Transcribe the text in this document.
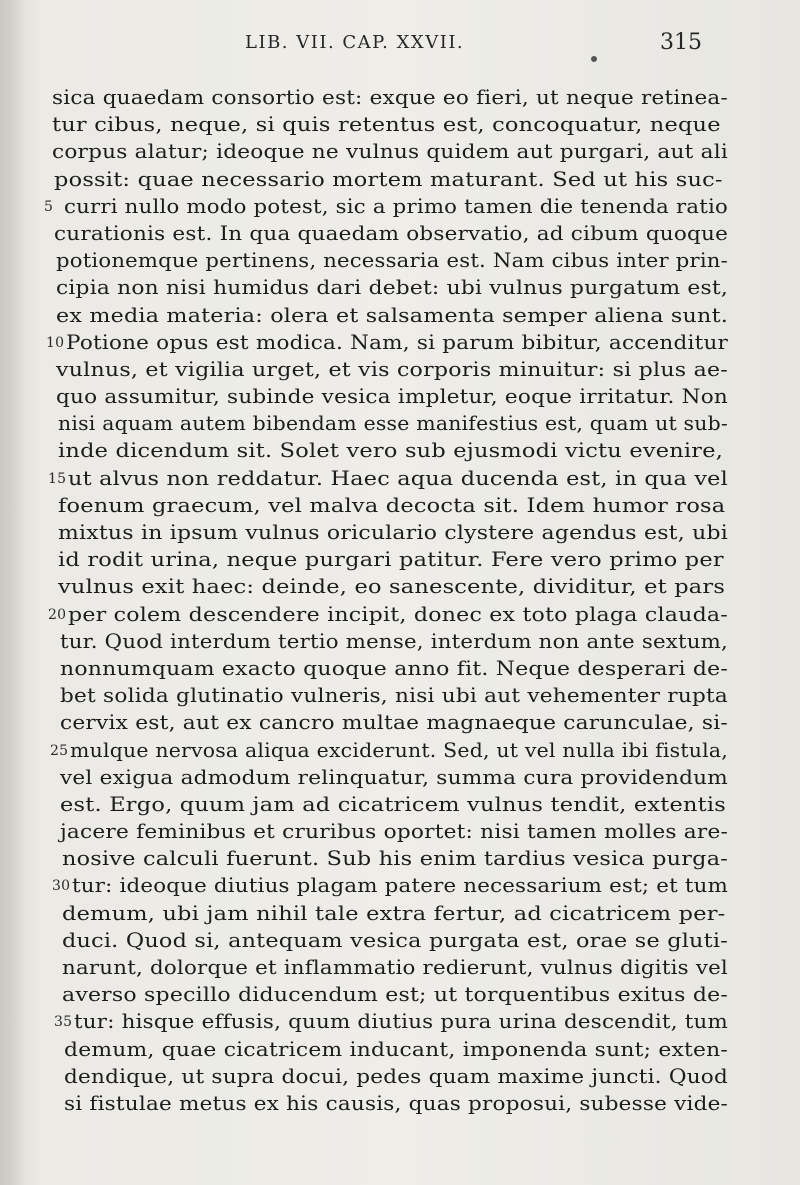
LIB. VII. CAP. XXVII.	315
sica quaedam consortio est: exque eo fieri, ut neque retinea-
tur cibus, neque, si quis retentus est, concoquatur, neque
corpus alatur; ideoque ne vulnus quidem aut purgari, aut ali
possit: quae necessario mortem maturant. Sed ut his suc-
5 curri nullo modo potest, sic a primo tamen die tenenda ratio
curationis est. In qua quaedam observatio, ad cibum quoque
potionemque pertinens, necessaria est. Nam cibus inter prin-
cipia non nisi humidus dari debet: ubi vulnus purgatum est,
ex media materia: olera et salsamenta semper aliena sunt.
10 Potione opus est modica. Nam, si parum bibitur, accenditur
vulnus, et vigilia urget, et vis corporis minuitur: si plus ae-
quo assumitur, subinde vesica impletur, eoque irritatur. Non
nisi aquam autem bibendam esse manifestius est, quam ut sub-
inde dicendum sit. Solet vero sub ejusmodi victu evenire,
15 ut alvus non reddatur. Haec aqua ducenda est, in qua vel
foenum graecum, vel malva decocta sit. Idem humor rosa
mixtus in ipsum vulnus oriculario clystere agendus est, ubi
id rodit urina, neque purgari patitur. Fere vero primo per
vulnus exit haec: deinde, eo sanescente, dividitur, et pars
20 per colem descendere incipit, donec ex toto plaga claudа-
tur. Quod interdum tertio mense, interdum non ante sextum,
nonnumquam exacto quoque anno fit. Neque desperari de-
bet solida glutinatio vulneris, nisi ubi aut vehementer rupta
cervix est, aut ex cancro multae magnaeque carunculae, si-
25 mulque nervosa aliqua exciderunt. Sed, ut vel nulla ibi fistula,
vel exigua admodum relinquatur, summa cura providendum
est. Ergo, quum jam ad cicatricem vulnus tendit, extentis
jacere feminibus et cruribus oportet: nisi tamen molles are-
nosive calculi fuerunt. Sub his enim tardius vesica purga-
30 tur: ideoque diutius plagam patere necessarium est; et tum
demum, ubi jam nihil tale extra fertur, ad cicatricem per-
duci. Quod si, antequam vesica purgata est, orae se gluti-
narunt, dolorque et inflammatio redierunt, vulnus digitis vel
averso specillo diducendum est; ut torquentibus exitus de-
35 tur: hisque effusis, quum diutius pura urina descendit, tum
demum, quae cicatricem inducant, imponenda sunt; exten-
dendique, ut supra docui, pedes quam maxime juncti. Quod
si fistulae metus ex his causis, quas proposui, subesse vide-
